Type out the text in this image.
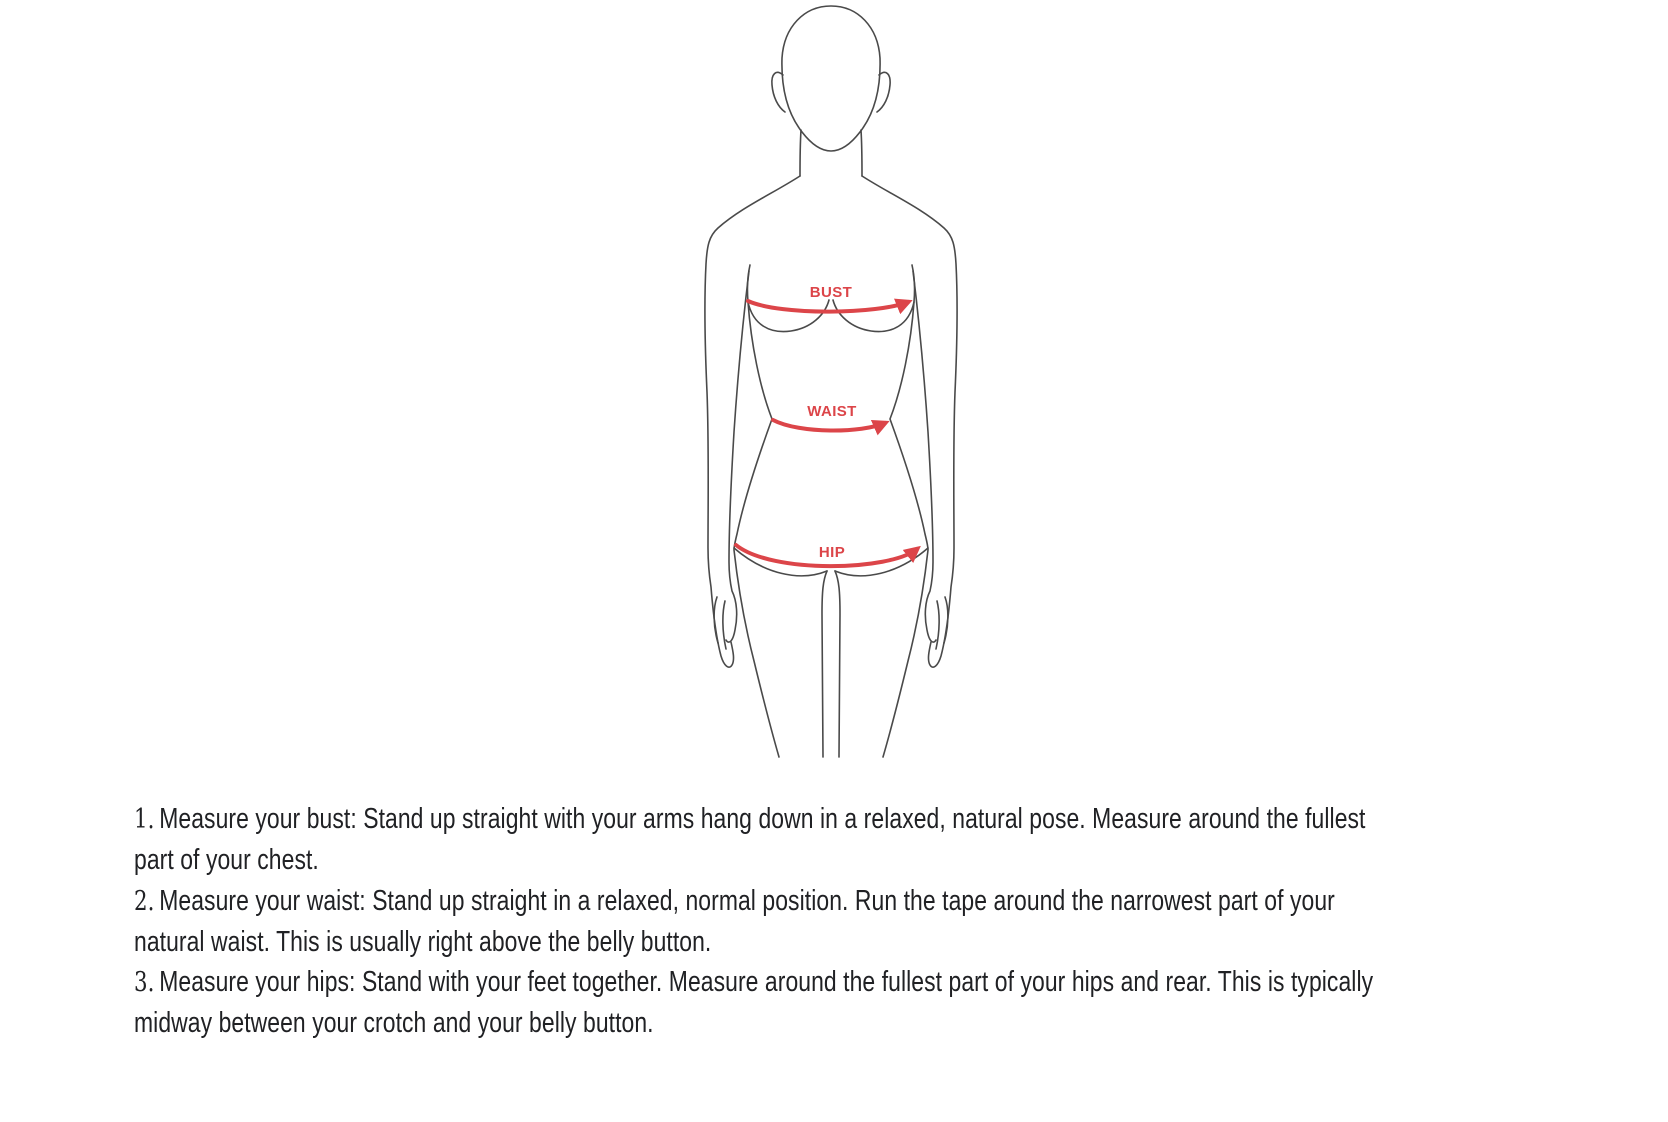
BUST
WAIST
HIP

1. Measure your bust: Stand up straight with your arms hang down in a relaxed, natural pose. Measure around the fullest
part of your chest.

2. Measure your waist: Stand up straight in a relaxed, normal position. Run the tape around the narrowest part of your
natural waist. This is usually right above the belly button.

3. Measure your hips: Stand with your feet together. Measure around the fullest part of your hips and rear. This is typically
midway between your crotch and your belly button.
